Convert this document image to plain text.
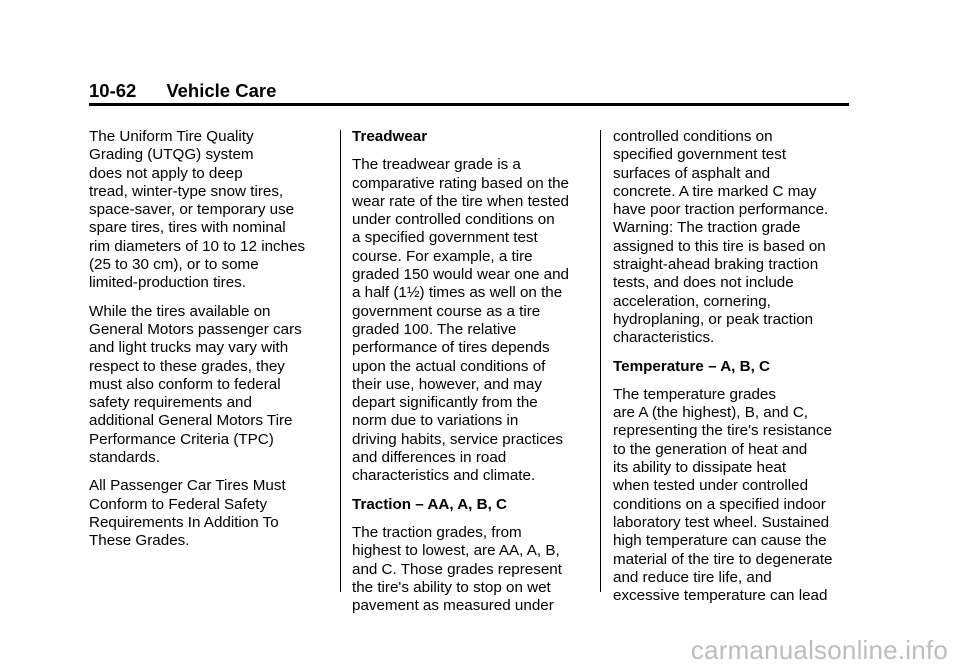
10-62 Vehicle Care

The Uniform Tire Quality
Grading (UTQG) system
does not apply to deep
tread, winter-type snow tires,
space-saver, or temporary use
spare tires, tires with nominal
rim diameters of 10 to 12 inches
(25 to 30 cm), or to some
limited-production tires.

While the tires available on
General Motors passenger cars
and light trucks may vary with
respect to these grades, they
must also conform to federal
safety requirements and
additional General Motors Tire
Performance Criteria (TPC)
standards.

All Passenger Car Tires Must
Conform to Federal Safety
Requirements In Addition To
These Grades.

Treadwear

The treadwear grade is a
comparative rating based on the
wear rate of the tire when tested
under controlled conditions on
a specified government test
course. For example, a tire
graded 150 would wear one and
a half (1½) times as well on the
government course as a tire
graded 100. The relative
performance of tires depends
upon the actual conditions of
their use, however, and may
depart significantly from the
norm due to variations in
driving habits, service practices
and differences in road
characteristics and climate.

Traction – AA, A, B, C

The traction grades, from
highest to lowest, are AA, A, B,
and C. Those grades represent
the tire's ability to stop on wet
pavement as measured under

controlled conditions on
specified government test
surfaces of asphalt and
concrete. A tire marked C may
have poor traction performance.
Warning: The traction grade
assigned to this tire is based on
straight-ahead braking traction
tests, and does not include
acceleration, cornering,
hydroplaning, or peak traction
characteristics.

Temperature – A, B, C

The temperature grades
are A (the highest), B, and C,
representing the tire's resistance
to the generation of heat and
its ability to dissipate heat
when tested under controlled
conditions on a specified indoor
laboratory test wheel. Sustained
high temperature can cause the
material of the tire to degenerate
and reduce tire life, and
excessive temperature can lead

carmanualsonline.info
